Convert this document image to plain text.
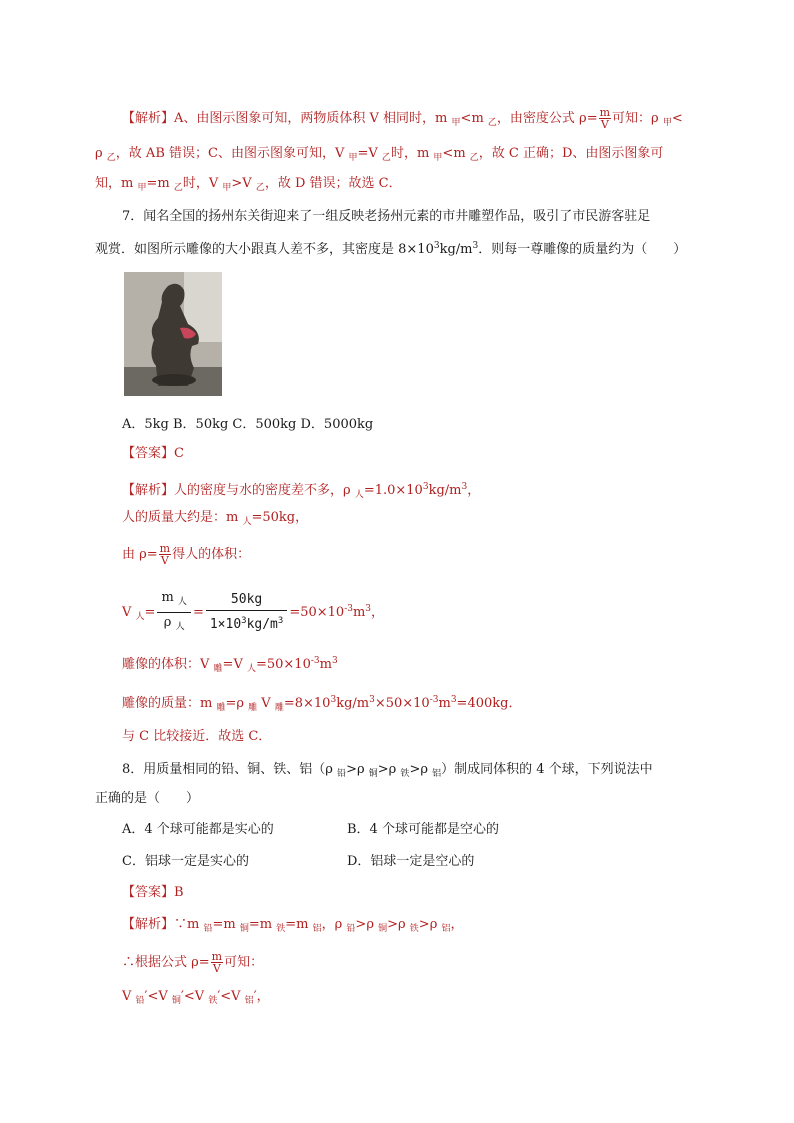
【解析】A、由图示图象可知，两物质体积 V 相同时，m $_甲$<m $_乙$，由密度公式 $\rho= \frac{m}{V}$ 可知：ρ $_甲$<
ρ $_乙$，故 AB 错误；C、由图示图象可知，V $_甲$=V $_乙$时，m $_甲$<m $_乙$，故 C 正确；D、由图示图象可
知，m $_甲$=m $_乙$时，V $_甲$>V $_乙$，故 D 错误；故选 C．
7．闻名全国的扬州东关街迎来了一组反映老扬州元素的市井雕塑作品，吸引了市民游客驻足
观赏．如图所示雕像的大小跟真人差不多，其密度是 $8\times 10^3kg/m^3$．则每一尊雕像的质量约为（　　）
A．5kg B．50kg C．500kg D．5000kg
【答案】C
【解析】人的密度与水的密度差不多，ρ $_人=1.0\times 10^3kg/m^3$，
人的质量大约是：m $_人$=50kg，
由 $\rho= \frac{m}{V}$ 得人的体积：
V $_人= \frac{m _人}{\rho _人} = \frac{50kg}{1\times 10^3kg/m^3} =50\times 10^{-3}m^3$，
雕像的体积：V $_雕$=V $_人=50\times 10^{-3}m^3$
雕像的质量：m $_雕$=ρ $_雕$ V $_雕=8\times 10^3kg/m^3\times 50\times 10^{-3}m^3=400kg$．
与 C 比较接近．故选 C．
8．用质量相同的铅、铜、铁、铝（ρ $_铅$>ρ $_铜$>ρ $_铁$>ρ $_铝$）制成同体积的 4 个球，下列说法中
正确的是（　　）
A．4 个球可能都是实心的	B．4 个球可能都是空心的
C．铝球一定是实心的	D．铝球一定是空心的
【答案】B
【解析】∵m $_铅$=m $_铜$=m $_铁$=m $_铝$，ρ $_铅$>ρ $_铜$>ρ $_铁$>ρ $_铝$，
∴根据公式 $\rho= \frac{m}{V}$ 可知：
V $_铅$′<V $_铜$′<V $_铁$′<V $_铝$′，
